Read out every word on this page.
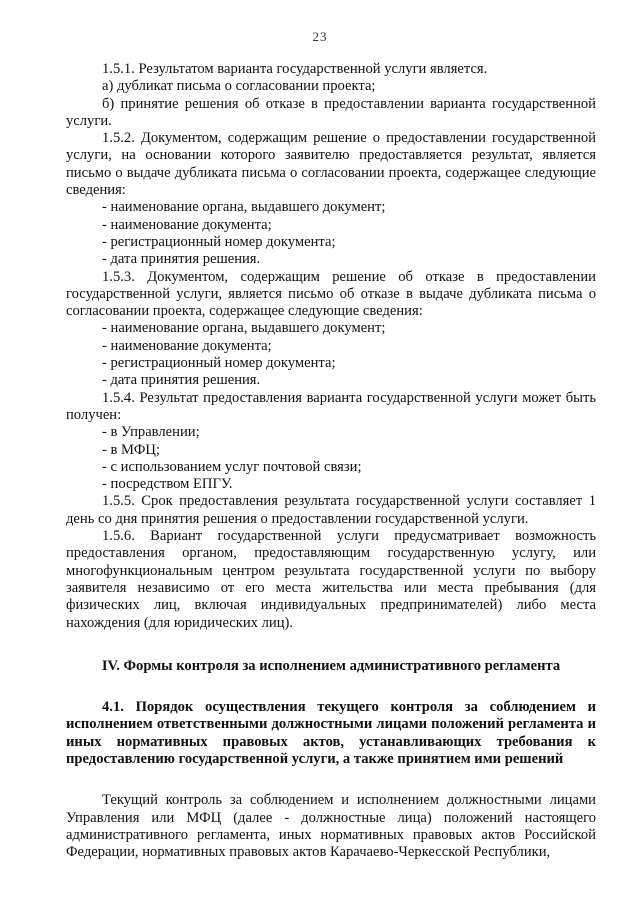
23

1.5.1. Результатом варианта государственной услуги является.

а) дубликат письма о согласовании проекта;

б) принятие решения об отказе в предоставлении варианта государственной услуги.

1.5.2. Документом, содержащим решение о предоставлении государственной услуги, на основании которого заявителю предоставляется результат, является письмо о выдаче дубликата письма о согласовании проекта, содержащее следующие сведения:

- наименование органа, выдавшего документ;

- наименование документа;

- регистрационный номер документа;

- дата принятия решения.

1.5.3. Документом, содержащим решение об отказе в предоставлении государственной услуги, является письмо об отказе в выдаче дубликата письма о согласовании проекта, содержащее следующие сведения:

- наименование органа, выдавшего документ;

- наименование документа;

- регистрационный номер документа;

- дата принятия решения.

1.5.4. Результат предоставления варианта государственной услуги может быть получен:

- в Управлении;

- в МФЦ;

- с использованием услуг почтовой связи;

- посредством ЕПГУ.

1.5.5. Срок предоставления результата государственной услуги составляет 1 день со дня принятия решения о предоставлении государственной услуги.

1.5.6. Вариант государственной услуги предусматривает возможность предоставления органом, предоставляющим государственную услугу, или многофункциональным центром результата государственной услуги по выбору заявителя независимо от его места жительства или места пребывания (для физических лиц, включая индивидуальных предпринимателей) либо места нахождения (для юридических лиц).

IV. Формы контроля за исполнением административного регламента

4.1. Порядок осуществления текущего контроля за соблюдением и исполнением ответственными должностными лицами положений регламента и иных нормативных правовых актов, устанавливающих требования к предоставлению государственной услуги, а также принятием ими решений

Текущий контроль за соблюдением и исполнением должностными лицами Управления или МФЦ (далее - должностные лица) положений настоящего административного регламента, иных нормативных правовых актов Российской Федерации, нормативных правовых актов Карачаево-Черкесской Республики,
